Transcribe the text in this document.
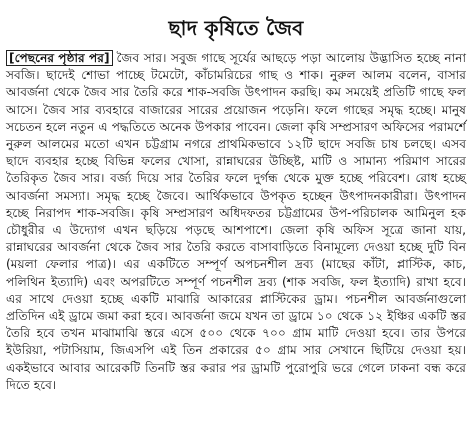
ছাদ কৃষিতে জৈব
[পেছনের পৃষ্ঠার পর] জৈব সার। সবুজ গাছে সূর্যের আছড়ে পড়া আলোয় উদ্ভাসিত হচ্ছে নানা সবজি। ছাদেই শোভা পাচ্ছে টমেটো, কাঁচামরিচের গাছ ও শাক। নুরুল আলম বলেন, বাসার আবর্জনা থেকে জৈব সার তৈরি করে শাক-সবজি উৎপাদন করছি। কম সময়েই প্রতিটি গাছে ফল আসে। জৈব সার ব্যবহারে বাজারের সারের প্রয়োজন পড়েনি। ফলে গাছের সমৃদ্ধ হচ্ছে। মানুষ সচেতন হলে নতুন এ পদ্ধতিতে অনেক উপকার পাবেন। জেলা কৃষি সম্প্রসারণ অফিসের পরামর্শে নুরুল আলমের মতো এখন চট্টগ্রাম নগরে প্রাথমিকভাবে ১২টি ছাদে সবজি চাষ চলছে। এসব ছাদে ব্যবহার হচ্ছে বিভিন্ন ফলের খোসা, রান্নাঘরের উচ্ছিষ্ট, মাটি ও সামান্য পরিমাণ সারের তৈরিকৃত জৈব সার। বর্জ্য দিয়ে সার তৈরির ফলে দুর্গন্ধ থেকে মুক্ত হচ্ছে পরিবেশ। রোধ হচ্ছে আবর্জনা সমস্যা। সমৃদ্ধ হচ্ছে জৈবে। আর্থিকভাবে উপকৃত হচ্ছেন উৎপাদনকারীরা। উৎপাদন হচ্ছে নিরাপদ শাক-সবজি। কৃষি সম্প্রসারণ অধিদফতর চট্টগ্রামের উপ-পরিচালক আমিনুল হক চৌধুরীর এ উদ্যোগ এখন ছড়িয়ে পড়ছে আশপাশে। জেলা কৃষি অফিস সূত্রে জানা যায়, রান্নাঘরের আবর্জনা থেকে জৈব সার তৈরি করতে বাসাবাড়িতে বিনামূল্যে দেওয়া হচ্ছে দুটি বিন (ময়লা ফেলার পাত্র)। এর একটিতে সম্পূর্ণ অপচনশীল দ্রব্য (মাছের কাঁটা, প্লাস্টিক, কাচ, পলিথিন ইত্যাদি) এবং অপরটিতে সম্পূর্ণ পচনশীল দ্রব্য (শাক সবজি, ফল ইত্যাদি) রাখা হবে। এর সাথে দেওয়া হচ্ছে একটি মাঝারি আকারের প্লাস্টিকের ড্রাম। পচনশীল আবর্জনাগুলো প্রতিদিন এই ড্রামে জমা করা হবে। আবর্জনা জমে যখন তা ড্রামে ১০ থেকে ১২ ইঞ্চির একটি স্তর তৈরি হবে তখন মাঝামাঝি স্তরে এসে ৫০০ থেকে ৭০০ গ্রাম মাটি দেওয়া হবে। তার উপরে ইউরিয়া, পটাসিয়াম, জিএসপি এই তিন প্রকারের ৫০ গ্রাম সার সেখানে ছিটিয়ে দেওয়া হয়। একইভাবে আবার আরেকটি তিনটি স্তর করার পর ড্রামটি পুরোপুরি ভরে গেলে ঢাকনা বন্ধ করে দিতে হবে।
